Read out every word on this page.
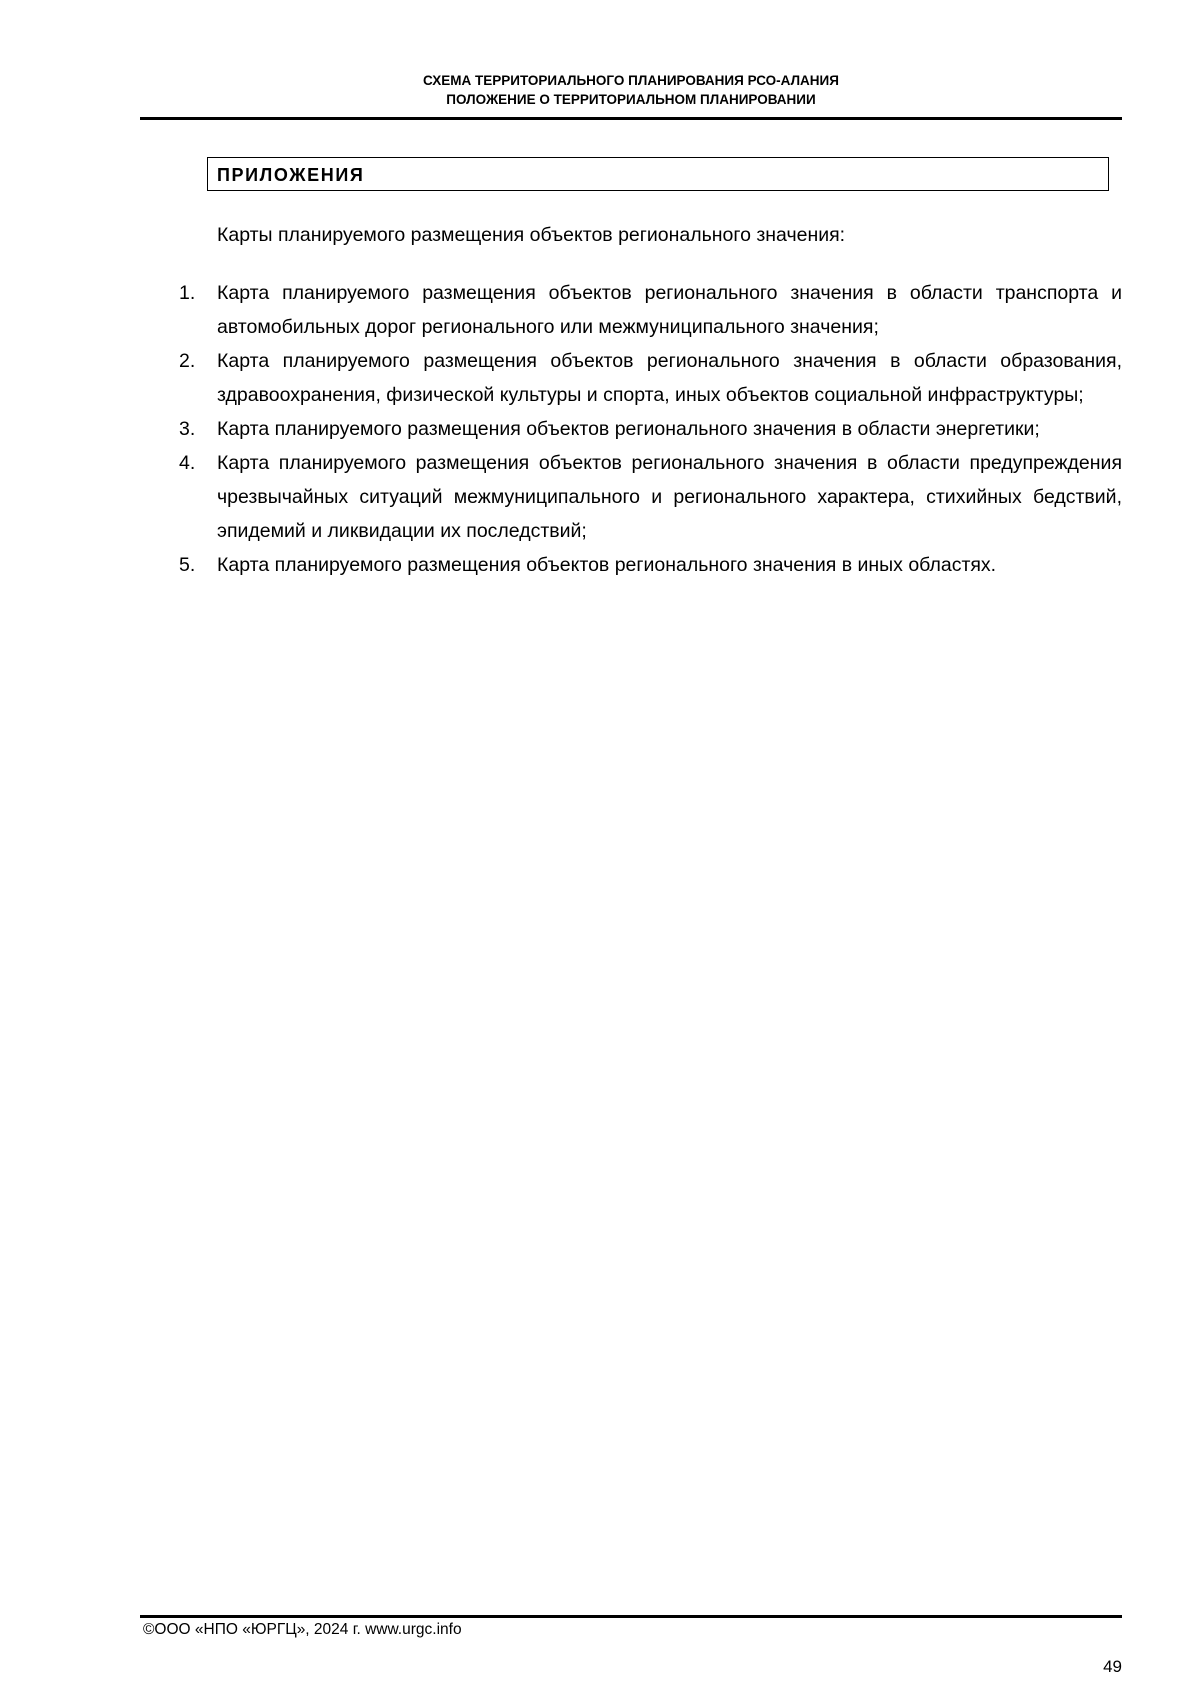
СХЕМА ТЕРРИТОРИАЛЬНОГО ПЛАНИРОВАНИЯ РСО-АЛАНИЯ
ПОЛОЖЕНИЕ О ТЕРРИТОРИАЛЬНОМ ПЛАНИРОВАНИИ
ПРИЛОЖЕНИЯ
Карты планируемого размещения объектов регионального значения:
1. Карта планируемого размещения объектов регионального значения в области транспорта и автомобильных дорог регионального или межмуниципального значения;
2. Карта планируемого размещения объектов регионального значения в области образования, здравоохранения, физической культуры и спорта, иных объектов социальной инфраструктуры;
3. Карта планируемого размещения объектов регионального значения в области энергетики;
4. Карта планируемого размещения объектов регионального значения в области предупреждения чрезвычайных ситуаций межмуниципального и регионального характера, стихийных бедствий, эпидемий и ликвидации их последствий;
5. Карта планируемого размещения объектов регионального значения в иных областях.
©ООО «НПО «ЮРГЦ», 2024 г. www.urgc.info
49
